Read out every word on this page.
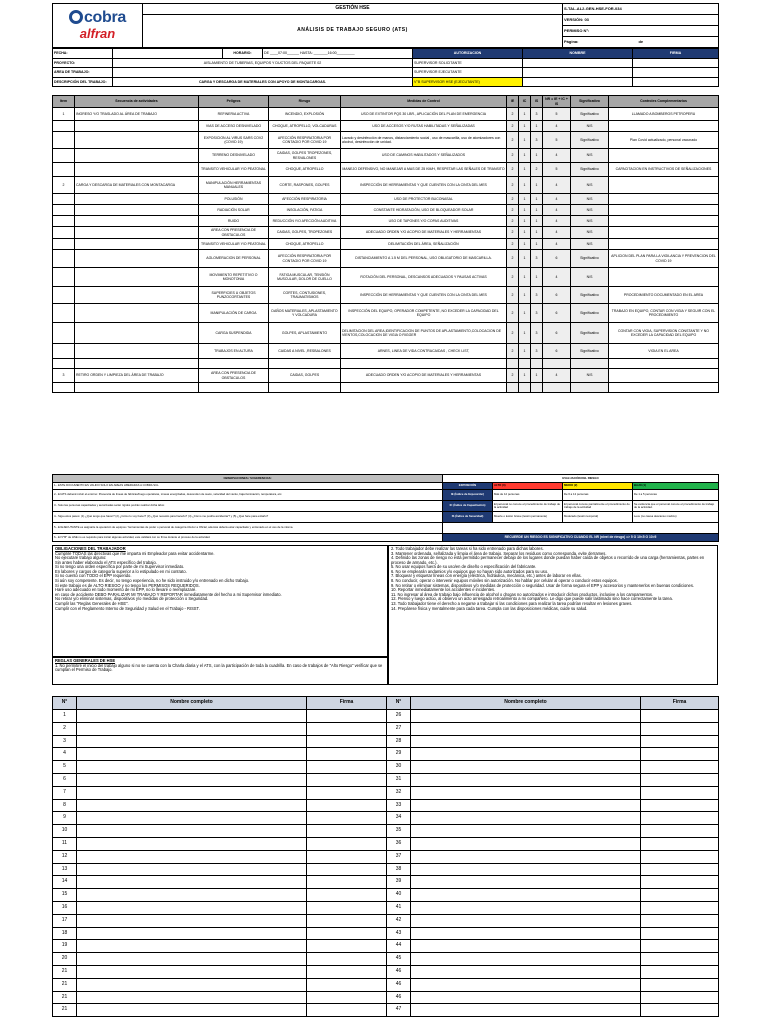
cobra
alfran	GESTIÓN HSE	S-TAL-AL2-GEN-HSE-FOR-034
	ANÁLISIS DE TRABAJO SEGURO (ATS)	VERSIÓN: 03
		PERMISO N°:
		Página: de
FECHA:		HORARIO:	DE ____07:00______ HASTA: _______16:00_________	AUTORIZACION	NOMBRE	FIRMA
PROYECTO:	AISLAMIENTO DE TUBERIAS, EQUIPOS Y DUCTOS DEL PAQUETE 02			SUPERVISOR SOLICITANTE		
AREA DE TRABAJO:				SUPERVISOR EJECUTANTE		
DESCRIPCIÓN DEL TRABAJO:	CARGA Y DESCARGA DE MATERIALES CON APOYO DE MONTACARGAS.			V°B SUPERVISOR HSE (EJECUTANTE)		
Item	Secuencia de actividades	Peligros	Riesgo	Medidas de Control	IE	IC	IS	NR = IE + IC + IS	Significativo	Controles Complementarios
1	INGRESO Y/O TRASLADO AL ÁREA DE TRABAJO	REFINERIA ACTIVA	INCENDIO, EXPLOSIÓN	USO DE EXTINTOR PQS 30 LBR., APLICACIÓN DEL PLAN DE EMERGENCIA	2	1	3	5	Significativo	LLAMADO A BOMBEROS PETROPERU
		VIAS DE ACCESO DESNIVELADO	CHOQUE, ATROPELLO, VOLCADURAS	USO DE ACCESOS Y/O RUTAS HABILITADAS Y SEÑALIZADAS	2	1	1	4	N/S	
		EXPOSICION AL VIRUS SARS COV2 (COVID 19)	AFECCIÓN RESPIRATORIA POR CONTAGIO POR COVID 19	Lavado y desinfección de manos, distanciamiento social , uso de mascarilla, uso de atomizadores con alcohol, desinfección de unidad.	2	1	3	5	Significativo	Plan Covid actualizado, personal vacunado
		TERRENO DESNIVELADO	CAIDAS, GOLPES TROPEZONES, RESVALONES	USO DE CAMINOS HABILITADOS Y SEÑALIZADOS	2	1	1	4	N/S	
		TRANSITO VEHICULAR Y/O PEATONAL	CHOQUE, ATROPELLO	MANEJO DEFENSIVO, NO MANEJAR A MAS DE 25 KM/H, RESPETAR LAS SEÑALES DE TRANSITO	2	1	2	5	Significativo	CAPACITACION EN INSTRUCTIVOS DE SEÑALIZACIONES
2	CARGA Y DESCARGA DE MATERIALES CON MONTACARGA	MANIPULACIÓN HERRAMIENTAS MANUALES	CORTE, RASPONES, GOLPES	INSPECCIÓN DE HERRAMIENTAS Y QUE CUENTEN CON LA CINTA DEL MES	2	1	1	4	N/S	
		POLUSIÓN	AFECCIÓN RESPIRATORIA	USO DE PROTECTOR BUCONASAL	2	1	1	4	N/S	
		RADIACIÓN SOLAR	INSOLACIÓN, FATIGA	CONSTANTE HIDRATACIÓN, USO DE BLOQUEADOR SOLAR	2	1	1	4	N/S	
		RUIDO	REDUCCIÓN Y/O AFECCIÓN AUDITIVA	USO DE TAPONES Y/O COPAS AUDITIVAS	2	1	1	4	N/S	
		AREA CON PRESENCIA DE OBSTACULOS	CAIDAS, GOLPES, TROPEZONES	ADECUADO ORDEN Y/O ACOPIO DE MATERIALES Y HERRAMIENTAS	2	1	1	4	N/S	
		TRANSITO VEHICULAR Y/O PEATONAL	CHOQUE, ATROPELLO	DELIMITACIÓN DEL ÁREA, SEÑALIZACIÓN	2	1	1	4	N/S	
		AGLOMERACION DE PERSONAL	AFECCIÓN RESPIRATORIA POR CONTAGIO POR COVID 19	DISTANCIAMIENTO A 1.5 M DEL PERSONAL, USO OBLIGATORIO DE MASCARILLA.	2	1	3	6	Significativo	APLICION DEL PLAN PARA LA VIGILANCIA Y PREVENCION DEL COVID 19
		MOVIMIENTO REPETITIVO O MONOTONIA	FATIGA MUSCULAR, TENSIÓN MUSCULAR, DOLOR DE CUELLO	ROTACIÓN DEL PERSONAL, DESCANSOS ADECUADOS Y PAUSAS ACTIVAS	2	1	1	4	N/S	
		SUPERFICIES U OBJETOS PUNZOCORTANTES	CORTES, CONTUSIONES, TRAUMATISMOS	INSPECCIÓN DE HERRAMIENTAS Y QUE CUENTEN CON LA CINTA DEL MES	2	1	3	6	Significativo	PROCEDIMIENTO DOCUMENTADO EN EL AREA
		MANIPULACIÓN DE CARGA	DAÑOS MATERIALES, APLASTAMIENTO Y VOLCADURA	INSPECCIÓN DEL EQUIPO, OPERADOR COMPETENTE, NO EXCEDER LA CAPACIDAD DEL EQUIPO	2	1	3	6	Significativo	TRABAJO EN EQUIPO, CONTAR CON VIGIA Y SEGUIR CON EL PROCEDIMIENTO
		CARGA SUSPENDIDA	GOLPES, APLASTAMIENTO	DELIMITACION DEL AREA,IDENTIFICACION DE PUNTOS DE APLASTAMIENTO,COLOCACION DE VIENTOS,COLOCACION DE VIGIA O RIGGER	2	1	3	6	Significativo	CONTAR CON VIGIA, SUPERVISION CONSTANTE Y NO EXCEDER LA CAPACIDAD DEL EQUIPO
		TRABAJOS EN ALTURA	CAIDAS A NIVEL ,RESBALONES	ARNES, LINEA DE VIDA CONTRACAIDAS , CHECK LIST,	2	1	3	6	Significativo	VIGIA EN EL AREA

3	RETIRO ORDEN Y LIMPIEZA DEL ÁREA DE TRABAJO	AREA CON PRESENCIA DE OBSTACULOS	CAIDAS, GOLPES	ADECUADO ORDEN Y/O ACOPIO DE MATERIALES Y HERRAMIENTAS	2	1	1	4	N/S	

OBSERVACIONES / SUGERENCIAS:	EVALUACIÓN DEL RIESGO			
1.- ESTE DOCUMENTO ES VALIDO SOLO EN AREAS LIBERADAS A COBRA SCL	EXPOSICIÓN	ALTO (3)	MEDIO (2)	BAJO (1)
2.- El ATS deberá incluir el entorno: Presencia de líneas de fabricas/fuego operativas, Líneas energizadas, descenden de suelo, velocidad del viento, baja iluminación, temperatura, etc.	IE (Índice de Exposición)	Más de 12 personas	De 6 a 12 personas	De 1 a 5 personas
3.- Solo las personas capacitadas y autorizadas serán rígidos podrán realizar dicha labor.	IC (Índice de Capacitación)	El personal no conoce el procedimiento de trabajo de la actividad	El personal conoce parcialmente el procedimiento de trabajo de la actividad	Se evidencia que el personal conoce el procedimiento de trabajo de la actividad.
4.- Siga estos pasos: (1) ¿Qué tengo que hacer? (2) ¿Cómo lo voy hacer? (3) ¿Qué necesito para hacerlo? (4) ¿Cómo me podría accidentar? y (5) ¿Qué hare para evitarlo?	IS (Índice de Severidad)	Muerte o lesión Grave (lesión permanente)	Moderado (lesión temporal)	Leve (no causa descanso médico)
5.- El EJECUTANTE es asignarle la operación de equipos / herramientas de poder o personal de categoría inferior a Oficial, además deberá estar capacitado y entrenado en el uso de la misma.				
6.- El V°B° de HSE no es requisito para iniciar algunas actividad, este validará con su firma durante el proceso de la actividad.	RECUERDE UN RIESGO ES SIGNIFICATIVO CUANDO EL NR (nivel de riesgo) => 5 O 10<5 O 10>5			
OBLIGACIONES DEL TRABAJADOR
Cumpliré TODAS las directivas que me imparta mi Empleador para evitar accidentarme.
No ejecutaré trabajo alguno:
Sin antes haber elaborado el ATS específico del trabajo.
Si no tengo una orden específica por parte de mi Supervisor inmediato.
En labores y cargos de categoría superior a lo estipulado en mi contrato.
Si no cuento con TODO el EPP requerido.
Si aún soy competente. Es decir, no tengo experiencia, no he sido instruido y/o entrenado en dicho trabajo.
Si este trabajo es de ALTO RIESGO y no tengo los PERMISOS REQUERIDOS.
Haré uso adecuado en todo momento de mi EPP, no lo llevaré o reemplazaré.
en caso de accidente DEBO PARALIZAR MI TRABAJO Y REPORTAR inmediatamente del hecho a mi Supervisor inmediato.
No retirar y/o eliminar sistemas, dispositivos y/o medidas de protección o Seguridad.
Cumplir las "Reglas Generales de HSE".
Cumplir con el Reglamento Interno de Seguridad y Salud en el Trabajo - RISST.
2. Todo trabajador debe realizar las tareas si ha sido entrenado para dichas labores.
3. Mantener ordenada, señalizada y limpia el área de trabajo. Separar los residuos como corresponda, evite derrames.
4. Definido las zonas de riesgo no está permitido permanecer debajo de los lugares donde puedan haber caída de objetos o recorrido de una carga (herramientas, partes en proceso de armado, etc.).
5. No usar equipos fuera de su uso/en de diseño o especificación del fabricante.
6. No se emplearán andamios y/o equipos que no hayan sido autorizados para su uso.
7. Bloquear y etiquetar líneas con energía (eléctrica, hidráulica, mecánica, etc.) antes de laborar en ellas.
8. No conducir, operar o intervenir equipos móviles sin autorización. No hablar por celular al operar o conducir estos equipos.
9. No retirar o eliminar sistemas, dispositivos y/o medidas de protección o seguridad. Usar de forma segura el EPP y accesorios y mantenerlos en buenas condiciones.
10. Reportar inmediatamente los accidentes e incidentes.
11. No ingresar al área de trabajo bajo influencia de alcohol o drogas no autorizados e introducir dichos productos, inclusive a los campamentos.
12. Pienso y luego actúo, al observo un acto arriesgado retroalimento a mi compañero. Le digo que puede salir lastimado sino hace correctamente la tarea.
13. Todo trabajador tiene el derecho a negarse a trabajar si las condiciones para realizar la tarea podrían resultar en lesiones graves.
14. Prepárese física y mentalmente para cada tarea. Cumpla con las disposiciones médicas, cuide su salud.
REGLAS GENERALES DE HSE
1. No permitiré el inicio del trabajo alguno si no se cuenta con la Charla diaria y el ATS, con la participación de toda la cuadrilla. En caso de trabajos de "Alto Riesgo" verificar que se cumplan el Permiso de Trabajo.
N°	Nombre completo	Firma	N°	Nombre completo	Firma
1			26		
2			27		
3			28		
4			29		
5			30		
6			31		
7			32		
8			33		
9			34		
10			35		
11			36		
12			37		
13			38		
14			39		
15			40		
16			41		
17			42		
18			43		
19			44		
20			45		
21			46		
21			46		
21			46		
21			47		
